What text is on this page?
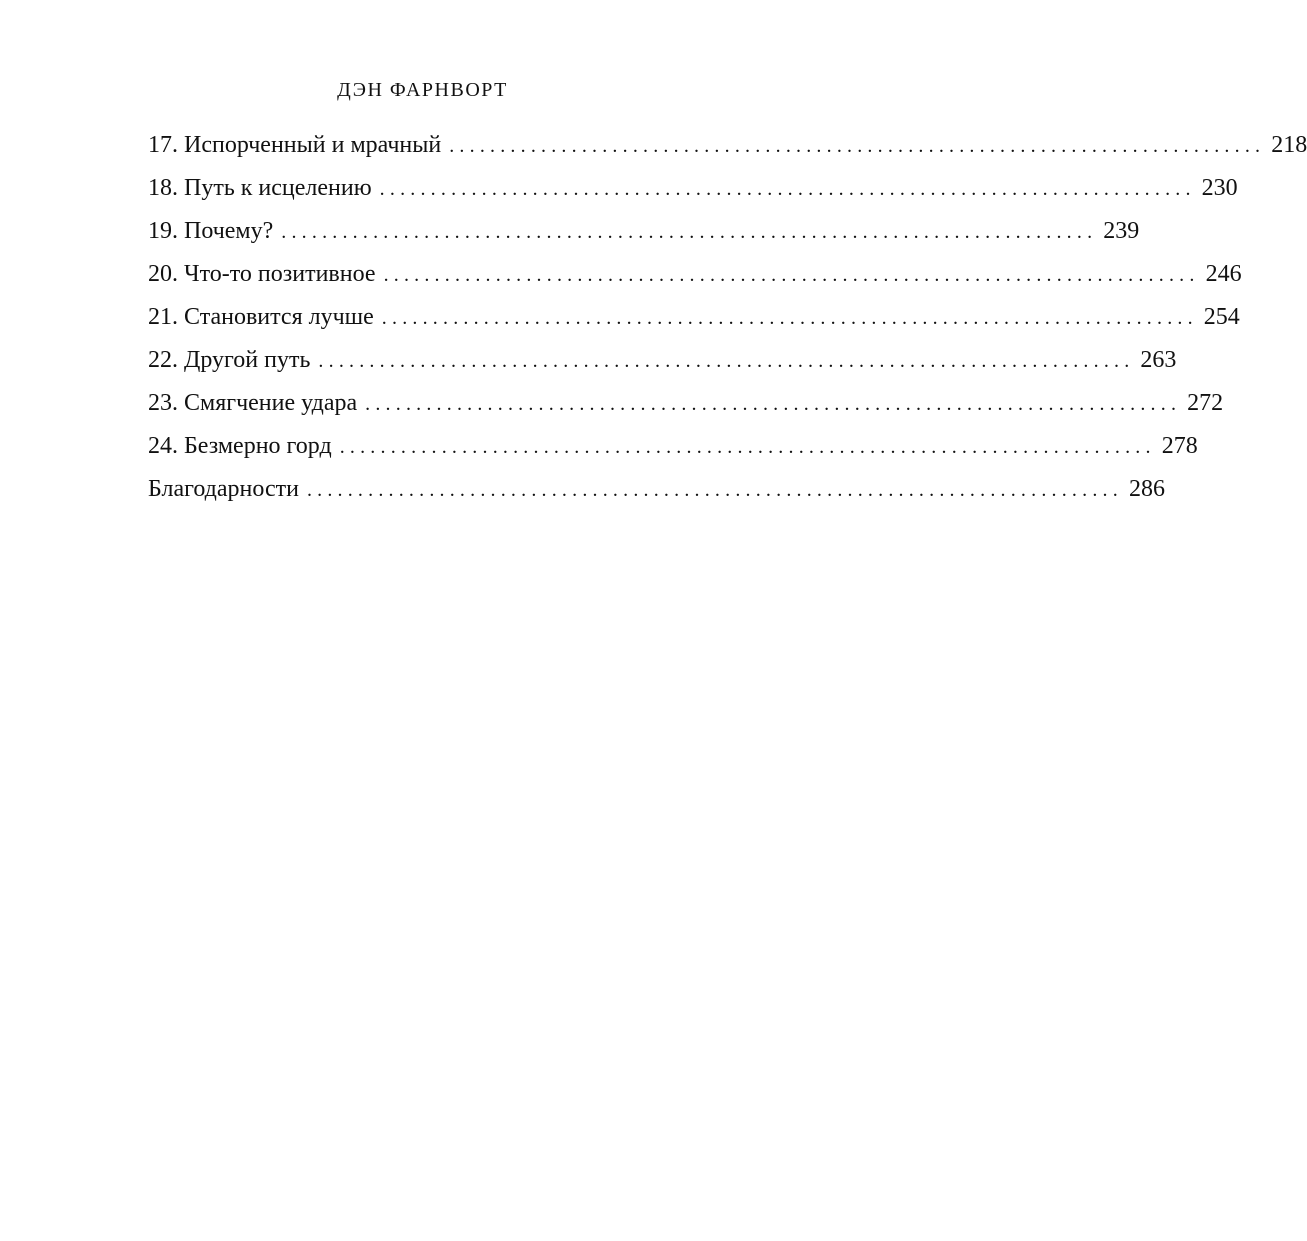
ДЭН ФАРНВОРТ
17. Испорченный и мрачный ................................................................................ 218
18. Путь к исцелению ................................................................................ 230
19. Почему? ................................................................................ 239
20. Что-то позитивное ................................................................................ 246
21. Становится лучше ................................................................................ 254
22. Другой путь ................................................................................ 263
23. Смягчение удара ................................................................................ 272
24. Безмерно горд ................................................................................ 278
Благодарности ................................................................................ 286
